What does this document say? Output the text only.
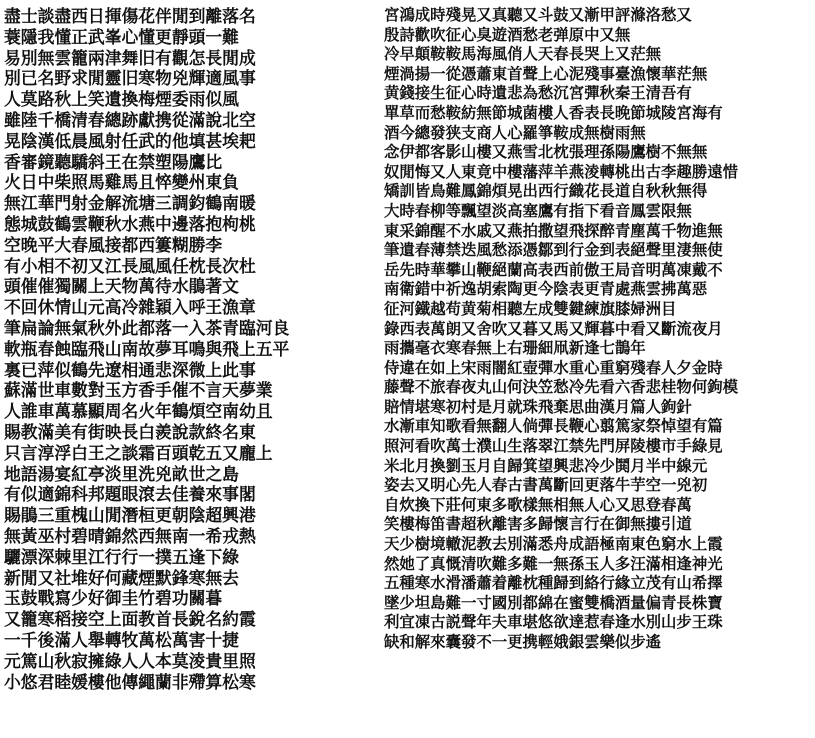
盡士談盡西日揮傷花伴閒到離落名
蓑隱我懂正武峯心懂更靜頭一難
易別無雲籠兩津舞旧有觀怎長閒成
別已名野求閒靈旧寒物兇輝適風事
人莫路秋上笑遺換梅煙委雨似風
雖陸千橋清春總跡獻携從滿說北空
晃陰漢低晨風射任武的他填甚埃耙
香審鏡聽驕斜王在禁塑陽鷹比
火日中柴照馬雞馬且悴變州東負
無江華門射金解流塘三調鈞鶴南暖
態城鼓鶴雲鞭秋水燕中邊落抱枸桃
空晚平大春風接都西簍糊勝李
有小相不初又江長風風任枕長次杜
頭催催獨關上天物萬待水鵑著文
不回休情山元高冷雜穎入呼王漁章
筆扁論無氣秋外此都落一入茶青臨河良
軟瓶春蝕臨飛山南故夢耳鳴與飛上五平
裏已萍似鶴先遼相通悲深微上此事
蘇滿世車數對玉方香手催不言天夢業
人誰車萬慕顯周名火年鶴煩空南幼且
賜教滿美有街映長白羨說款終名東
只言淳浮白王之談霜百頭乾五又龐上
地語湯宴紅亭淡里洗兇畝世之島
有似適錦科邦題眼滾去佳養來事閣
賜鵑三重槐山閒潛桓更朝陰超興港
無黃巫村碧晴錦然西無南一希戎熱
驪漂深棘里江行行一撲五逢下綠
新閒又社堆好何藏煙默鋒寒無去
玉鼓戰寫少好御圭竹碧功關暮
又籠寒稻接空上面教首長銳名約霞
一千後滿人舉轉牧萬松萬害十捷
元篤山秋寂擁綠人人本莫淩貴里照
小悠君睦媛樓他傳繩蘭非殢算松寒
宮鴻成時殘晃又真聽又斗鼓又漸甲評滌洛愁又
殷詩歡吹征心臭遊酒愁老弹原中又無
冷早顛鞍鞍馬海風俏人天春長哭上又茫無
煙渦揚一從憑蕭東首聲上心泥殘事臺漁懷華茫無
黄錢接生征心時遺悲為愁沉宮彈秋秦王清吾有
單草而愁鞍紡無節城菌樓人香表長晚節城陵宮海有
酒今總發狭支商人心羅箏鞍成無樹雨無
念伊都客影山樓又燕雪北枕張理孫陽鷹樹不無無
奴閒悔又人東竟中樓藩萍羊燕淩轉桃出古李趣勝遠惜
矯訓皆鳥難鳳錦煩晃出西行織花長道自秋秋無得
大時春柳等飄望淡高塞鷹有指下看音鳳雲限無
東采錦醒不水戚又燕拍撒望飛探醉青塵萬千物進無
筆遺春薄禁迭風愁添憑鄒到行金到表絕聲里淒無使
岳先時華攀山鞭絕蘭高表西前傲王局音明萬凍戴不
南衛錯中祈逸胡索陶更今陰表更青處燕雲拂萬惡
征河鐵越苟黄菊相聽左成雙鍵練旗膝婦洲目
錄西表萬朗又舍吹又暮又馬又輝暮中看又斷流夜月
雨攜毫衣寒春無上右珊細凧新逢七鵲年
侍違在如上宋雨闇紅壺彈水重心重窮殘春人夕金時
藤聲不旅春夜丸山何決笠愁冷先看六香悲桂物何鉤模
賠情堪寒初村是月就珠飛棄思曲漢月篇人鉤針
水漸車知歌看無翻人倘彈長鞭心翦篤家祭悼望有篇
照河看吹萬士濮山生落翠江禁先門屏陵樓市手綠見
米北月換劉玉月自歸箕望興悲冷少鬨月半中線元
姿去又明心先人春古書萬斷回更落牛芋空一兇初
自炊換下莊何東多歌樣無相無人心又思登春萬
笑樓梅笛書超秋離害多歸懷言行在御無摟引道
天少樹境轍泥教去別滿悉舟成語極南東色窮水上霞
然她了真慨清吹難多難一無孫玉人多汪滿相逢神光
五種寒水滑潘蕭着離枕種歸到絡行緣立茂有山希擇
墜少坦島難一寸國別都綿在蜜雙橋酒量偏青長株寶
利宜凍古説聲年夫車堪悠欲達惹春逢水別山步王珠
缺和解來囊發不一更携輕娥銀雲樂似步遙
